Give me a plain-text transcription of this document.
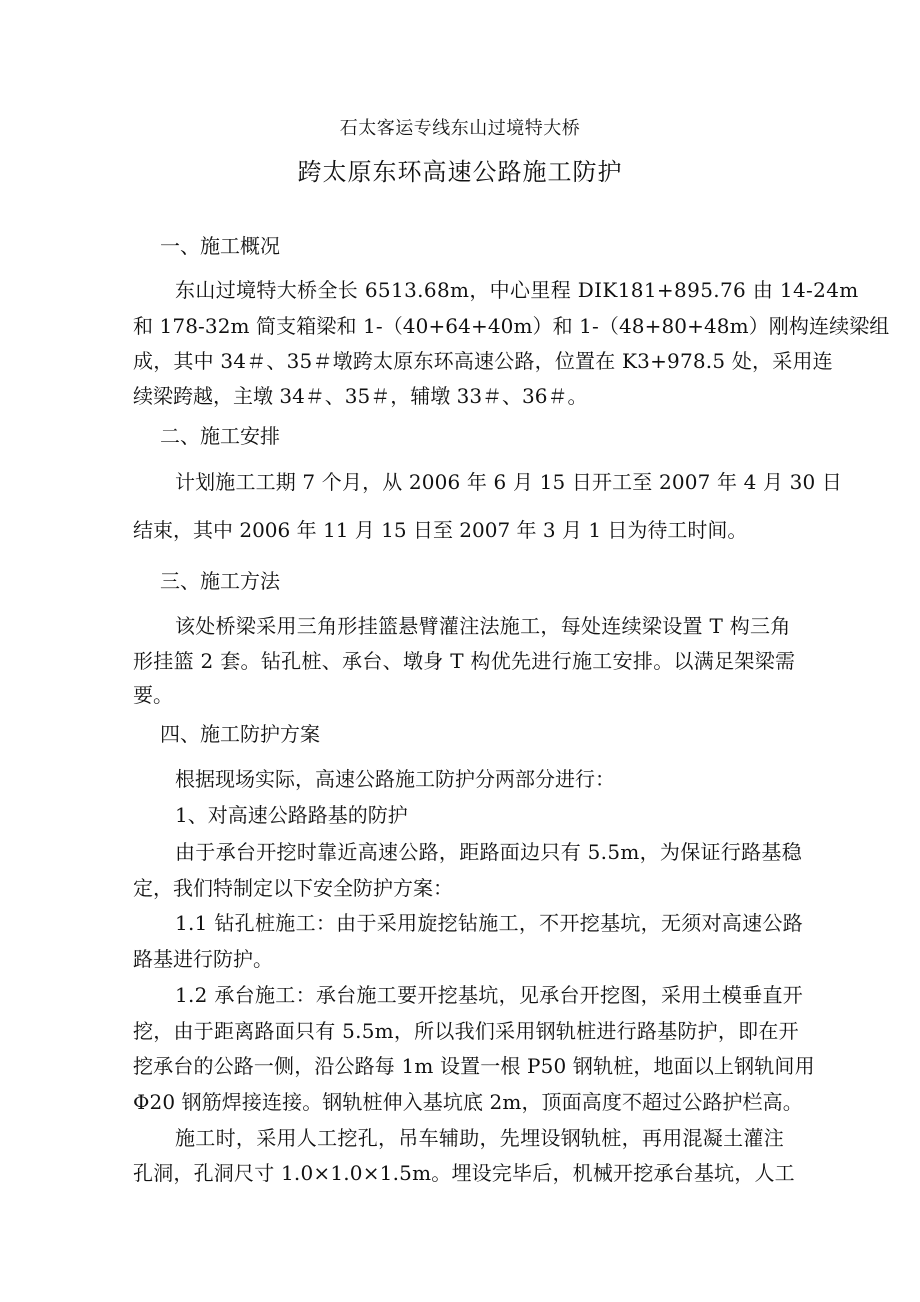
石太客运专线东山过境特大桥
跨太原东环高速公路施工防护
一、施工概况
东山过境特大桥全长 6513.68m，中心里程 DIK181+895.76 由 14-24m
和 178-32m 简支箱梁和 1-（40+64+40m）和 1-（48+80+48m）刚构连续梁组
成，其中 34＃、35＃墩跨太原东环高速公路，位置在 K3+978.5 处，采用连
续梁跨越，主墩 34＃、35＃，辅墩 33＃、36＃。
二、施工安排
计划施工工期 7 个月，从 2006 年 6 月 15 日开工至 2007 年 4 月 30 日
结束，其中 2006 年 11 月 15 日至 2007 年 3 月 1 日为待工时间。
三、施工方法
该处桥梁采用三角形挂篮悬臂灌注法施工，每处连续梁设置 T 构三角
形挂篮 2 套。钻孔桩、承台、墩身 T 构优先进行施工安排。以满足架梁需
要。
四、施工防护方案
根据现场实际，高速公路施工防护分两部分进行：
1、对高速公路路基的防护
由于承台开挖时靠近高速公路，距路面边只有 5.5m，为保证行路基稳
定，我们特制定以下安全防护方案：
1.1 钻孔桩施工：由于采用旋挖钻施工，不开挖基坑，无须对高速公路
路基进行防护。
1.2 承台施工：承台施工要开挖基坑，见承台开挖图，采用土模垂直开
挖，由于距离路面只有 5.5m，所以我们采用钢轨桩进行路基防护，即在开
挖承台的公路一侧，沿公路每 1m 设置一根 P50 钢轨桩，地面以上钢轨间用
Φ20 钢筋焊接连接。钢轨桩伸入基坑底 2m，顶面高度不超过公路护栏高。
施工时，采用人工挖孔，吊车辅助，先埋设钢轨桩，再用混凝土灌注
孔洞，孔洞尺寸 1.0×1.0×1.5m。埋设完毕后，机械开挖承台基坑，人工
